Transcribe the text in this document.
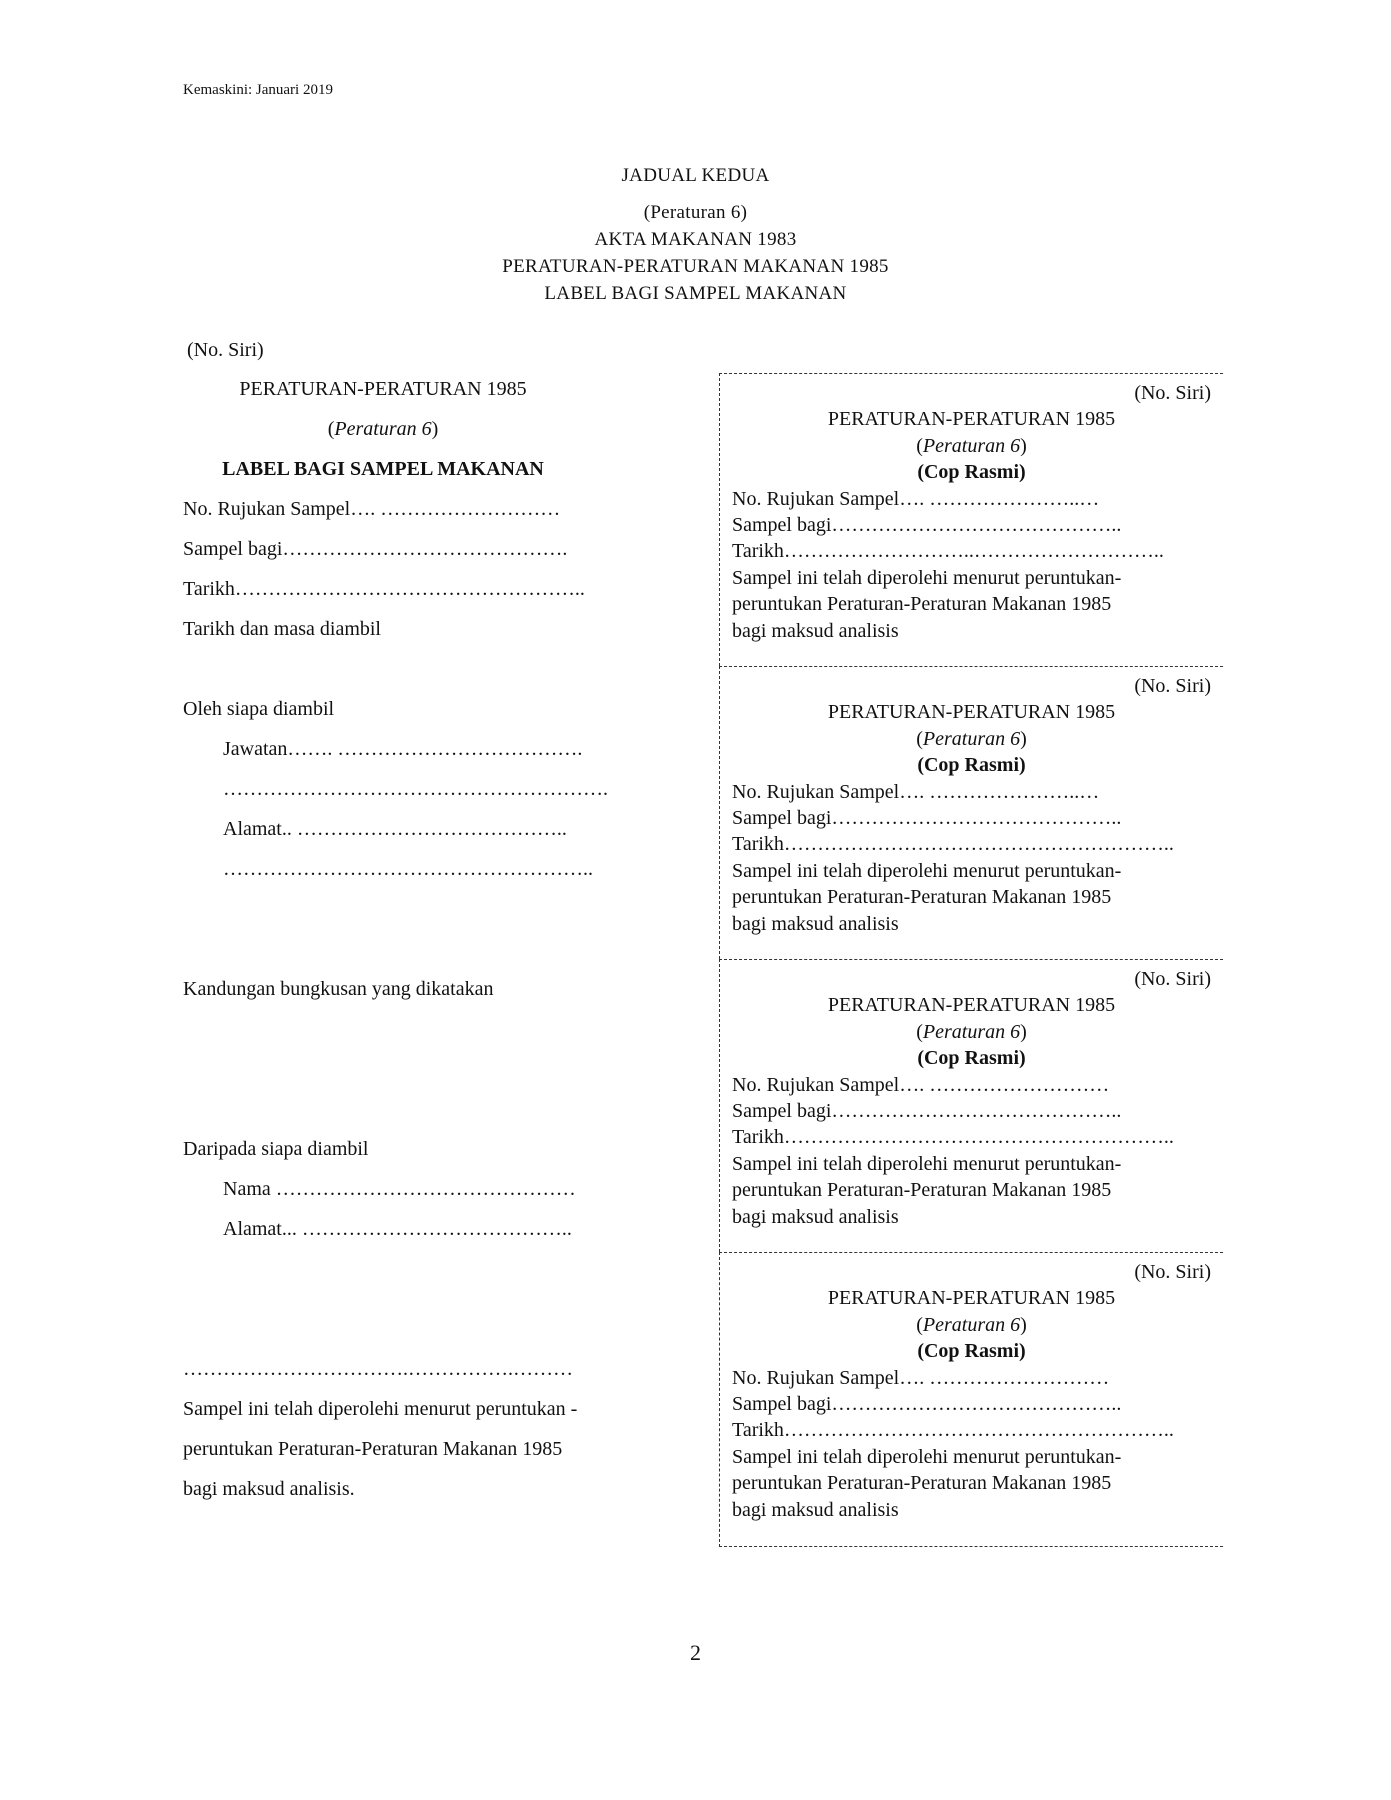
Kemaskini: Januari 2019
JADUAL KEDUA
(Peraturan 6)
AKTA MAKANAN 1983
PERATURAN-PERATURAN MAKANAN 1985
LABEL BAGI SAMPEL MAKANAN
(No. Siri)
PERATURAN-PERATURAN 1985
(Peraturan 6)
LABEL BAGI SAMPEL MAKANAN
No. Rujukan Sampel…. ………………………
Sampel bagi…………………………………….
Tarikh……………………………………………..
Tarikh dan masa diambil
Oleh siapa diambil
Jawatan……. ……………………………….
………………………………………………….
Alamat.. …………………………………..
………………………………………………..
Kandungan bungkusan yang dikatakan
Daripada siapa diambil
Nama ………………………………………
Alamat... …………………………………..
…………………………….…………….………
Sampel ini telah diperolehi menurut peruntukan -
peruntukan Peraturan-Peraturan Makanan 1985
bagi maksud analisis.
(No. Siri)
PERATURAN-PERATURAN 1985
(Peraturan 6)
(Cop Rasmi)
No. Rujukan Sampel…. …………………..…
Sampel bagi……………………………………..
Tarikh………………………..………………………..
Sampel ini telah diperolehi menurut peruntukan-
peruntukan Peraturan-Peraturan Makanan 1985
bagi maksud analisis
(No. Siri)
PERATURAN-PERATURAN 1985
(Peraturan 6)
(Cop Rasmi)
No. Rujukan Sampel…. …………………..…
Sampel bagi……………………………………..
Tarikh…………………………………………………..
Sampel ini telah diperolehi menurut peruntukan-
peruntukan Peraturan-Peraturan Makanan 1985
bagi maksud analisis
(No. Siri)
PERATURAN-PERATURAN 1985
(Peraturan 6)
(Cop Rasmi)
No. Rujukan Sampel…. ………………………
Sampel bagi……………………………………..
Tarikh…………………………………………………..
Sampel ini telah diperolehi menurut peruntukan-
peruntukan Peraturan-Peraturan Makanan 1985
bagi maksud analisis
(No. Siri)
PERATURAN-PERATURAN 1985
(Peraturan 6)
(Cop Rasmi)
No. Rujukan Sampel…. ………………………
Sampel bagi……………………………………..
Tarikh…………………………………………………..
Sampel ini telah diperolehi menurut peruntukan-
peruntukan Peraturan-Peraturan Makanan 1985
bagi maksud analisis
2
